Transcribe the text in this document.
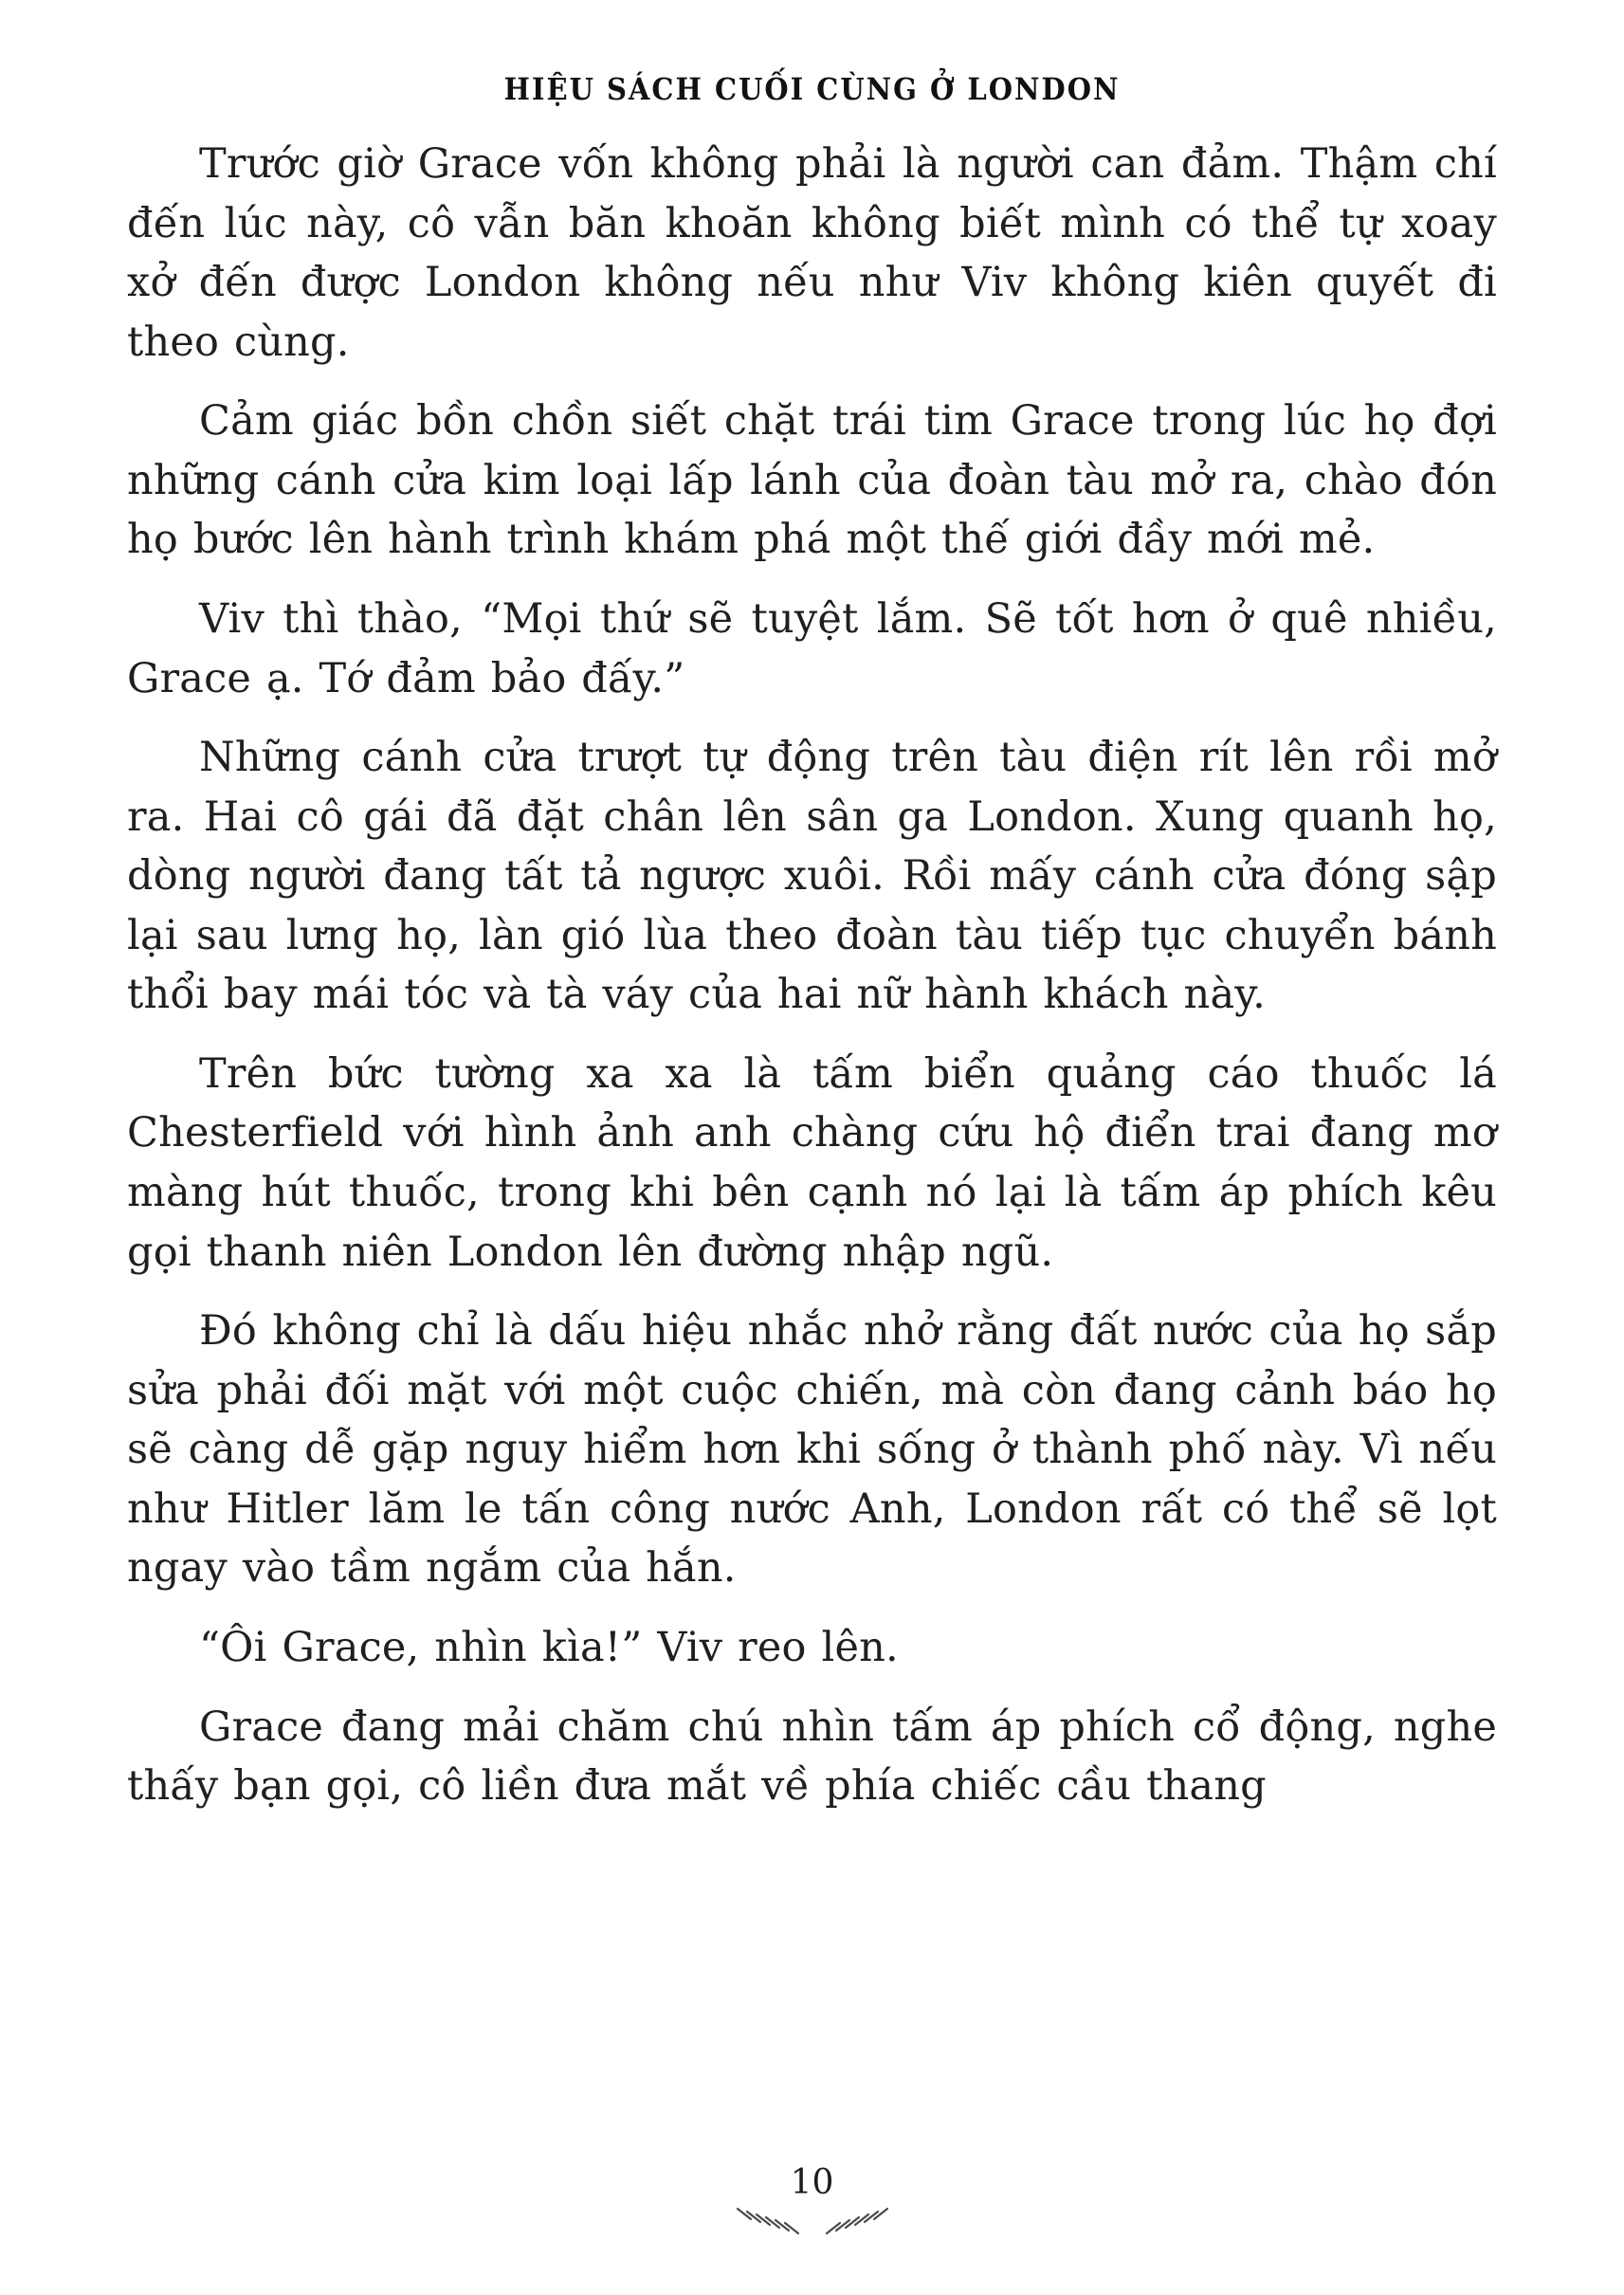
HIỆU SÁCH CUỐI CÙNG Ở LONDON

Trước giờ Grace vốn không phải là người can đảm. Thậm chí đến lúc này, cô vẫn băn khoăn không biết mình có thể tự xoay xở đến được London không nếu như Viv không kiên quyết đi theo cùng.

Cảm giác bồn chồn siết chặt trái tim Grace trong lúc họ đợi những cánh cửa kim loại lấp lánh của đoàn tàu mở ra, chào đón họ bước lên hành trình khám phá một thế giới đầy mới mẻ.

Viv thì thào, “Mọi thứ sẽ tuyệt lắm. Sẽ tốt hơn ở quê nhiều, Grace ạ. Tớ đảm bảo đấy.”

Những cánh cửa trượt tự động trên tàu điện rít lên rồi mở ra. Hai cô gái đã đặt chân lên sân ga London. Xung quanh họ, dòng người đang tất tả ngược xuôi. Rồi mấy cánh cửa đóng sập lại sau lưng họ, làn gió lùa theo đoàn tàu tiếp tục chuyển bánh thổi bay mái tóc và tà váy của hai nữ hành khách này.

Trên bức tường xa xa là tấm biển quảng cáo thuốc lá Chesterfield với hình ảnh anh chàng cứu hộ điển trai đang mơ màng hút thuốc, trong khi bên cạnh nó lại là tấm áp phích kêu gọi thanh niên London lên đường nhập ngũ.

Đó không chỉ là dấu hiệu nhắc nhở rằng đất nước của họ sắp sửa phải đối mặt với một cuộc chiến, mà còn đang cảnh báo họ sẽ càng dễ gặp nguy hiểm hơn khi sống ở thành phố này. Vì nếu như Hitler lăm le tấn công nước Anh, London rất có thể sẽ lọt ngay vào tầm ngắm của hắn.

“Ôi Grace, nhìn kìa!” Viv reo lên.

Grace đang mải chăm chú nhìn tấm áp phích cổ động, nghe thấy bạn gọi, cô liền đưa mắt về phía chiếc cầu thang

10
